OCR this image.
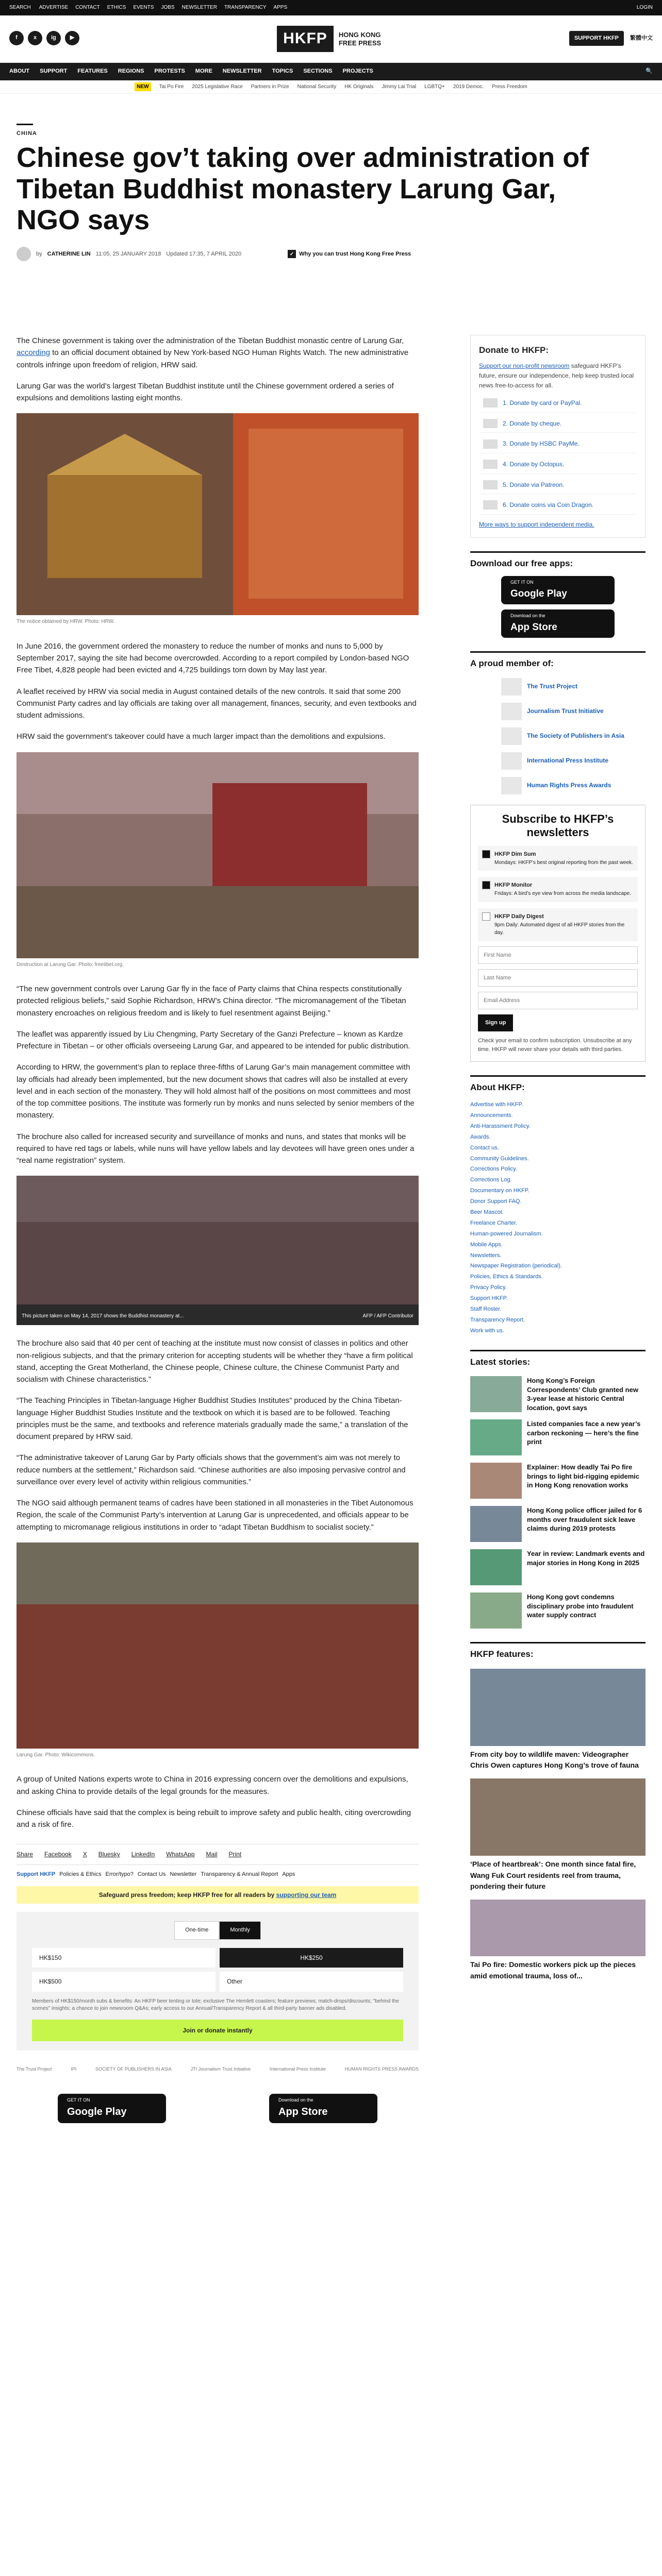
SEARCH ADVERTISE CONTACT ETHICS EVENTS JOBS NEWSLETTER TRANSPARENCY APPS	LOGIN
f	x	ig	▶	HKFP	HONG KONG FREE PRESS
SUPPORT HKFP	繁體中文
ABOUT SUPPORT FEATURES REGIONS PROTESTS MORE NEWSLETTER TOPICS SECTIONS PROJECTS	🔍
NEW	Tai Po Fire 2025 Legislative Race Partners in Prize National Security HK Originals Jimmy Lai Trial LGBTQ+ 2019 Democ. Press Freedom
CHINA
Chinese gov’t taking over administration of Tibetan Buddhist monastery Larung Gar, NGO says
by CATHERINE LIN 11:05, 25 JANUARY 2018 Updated 17:35, 7 APRIL 2020	✓ Why you can trust Hong Kong Free Press

The Chinese government is taking over the administration of the Tibetan Buddhist monastic centre of Larung Gar, according to an official document obtained by New York-based NGO Human Rights Watch. The new administrative controls infringe upon freedom of religion, HRW said.

Larung Gar was the world’s largest Tibetan Buddhist institute until the Chinese government ordered a series of expulsions and demolitions lasting eight months.

The notice obtained by HRW. Photo: HRW.

In June 2016, the government ordered the monastery to reduce the number of monks and nuns to 5,000 by September 2017, saying the site had become overcrowded. According to a report compiled by London-based NGO Free Tibet, 4,828 people had been evicted and 4,725 buildings torn down by May last year.

A leaflet received by HRW via social media in August contained details of the new controls. It said that some 200 Communist Party cadres and lay officials are taking over all management, finances, security, and even textbooks and student admissions.

HRW said the government’s takeover could have a much larger impact than the demolitions and expulsions.

Destruction at Larung Gar. Photo: freetibet.org.

“The new government controls over Larung Gar fly in the face of Party claims that China respects constitutionally protected religious beliefs,” said Sophie Richardson, HRW’s China director. “The micromanagement of the Tibetan monastery encroaches on religious freedom and is likely to fuel resentment against Beijing.”

The leaflet was apparently issued by Liu Chengming, Party Secretary of the Ganzi Prefecture – known as Kardze Prefecture in Tibetan – or other officials overseeing Larung Gar, and appeared to be intended for public distribution.

According to HRW, the government’s plan to replace three-fifths of Larung Gar’s main management committee with lay officials had already been implemented, but the new document shows that cadres will also be installed at every level and in each section of the monastery. They will hold almost half of the positions on most committees and most of the top committee positions. The institute was formerly run by monks and nuns selected by senior members of the monastery.

The brochure also called for increased security and surveillance of monks and nuns, and states that monks will be required to have red tags or labels, while nuns will have yellow labels and lay devotees will have green ones under a “real name registration” system.

This picture taken on May 14, 2017 shows the Buddhist monastery at...	AFP / AFP Contributor

The brochure also said that 40 per cent of teaching at the institute must now consist of classes in politics and other non-religious subjects, and that the primary criterion for accepting students will be whether they “have a firm political stand, accepting the Great Motherland, the Chinese people, Chinese culture, the Chinese Communist Party and socialism with Chinese characteristics.”

“The Teaching Principles in Tibetan-language Higher Buddhist Studies Institutes” produced by the China Tibetan-language Higher Buddhist Studies Institute and the textbook on which it is based are to be followed. Teaching principles must be the same, and textbooks and reference materials gradually made the same,” a translation of the document prepared by HRW said.

“The administrative takeover of Larung Gar by Party officials shows that the government’s aim was not merely to reduce numbers at the settlement,” Richardson said. “Chinese authorities are also imposing pervasive control and surveillance over every level of activity within religious communities.”

The NGO said although permanent teams of cadres have been stationed in all monasteries in the Tibet Autonomous Region, the scale of the Communist Party’s intervention at Larung Gar is unprecedented, and officials appear to be attempting to micromanage religious institutions in order to “adapt Tibetan Buddhism to socialist society.”

Larung Gar. Photo: Wikicommons.

A group of United Nations experts wrote to China in 2016 expressing concern over the demolitions and expulsions, and asking China to provide details of the legal grounds for the measures.

Chinese officials have said that the complex is being rebuilt to improve safety and public health, citing overcrowding and a risk of fire.

Share Facebook X Bluesky LinkedIn WhatsApp Mail Print
Support HKFP Policies & Ethics Error/typo? Contact Us Newsletter Transparency & Annual Report Apps
Safeguard press freedom; keep HKFP free for all readers by supporting our team
One-time	Monthly
HK$150	HK$250
HK$500	Other
Members of HK$150/month subs & benefits: An HKFP beer tenting or tote; exclusive The Hemlett coasters; feature previews; match-drops/discounts; "behind the scenes" insights; a chance to join newsroom Q&As; early access to our Annual/Transparency Report & all third-party banner ads disabled.
Join or donate instantly
The Trust Project	IPI	SOCIETY OF PUBLISHERS IN ASIA	JTI Journalism Trust Initiative	International Press Institute	HUMAN RIGHTS PRESS AWARDS
GET IT ON
Google Play
Download on the
App Store
Donate to HKFP:

Support our non-profit newsroom safeguard HKFP’s future, ensure our independence, help keep trusted local news free-to-access for all.

1. Donate by card or PayPal.
2. Donate by cheque.
3. Donate by HSBC PayMe.
4. Donate by Octopus.
5. Donate via Patreon.
6. Donate coins via Coin Dragon.
More ways to support independent media.
Download our free apps:
GET IT ON
Google Play
Download on the
App Store
A proud member of:
The Trust Project
Journalism Trust Initiative
The Society of Publishers in Asia
International Press Institute
Human Rights Press Awards
Subscribe to HKFP’s newsletters
HKFP Dim Sum
Mondays: HKFP’s best original reporting from the past week.
HKFP Monitor
Fridays: A bird’s eye view from across the media landscape.
HKFP Daily Digest
9pm Daily: Automated digest of all HKFP stories from the day.
First Name
Last Name
Email Address Sign up
Check your email to confirm subscription. Unsubscribe at any time. HKFP will never share your details with third parties.
About HKFP:
Advertise with HKFP.
Announcements.
Anti-Harassment Policy.
Awards.
Contact us.
Community Guidelines.
Corrections Policy.
Corrections Log.
Documentary on HKFP.
Donor Support FAQ.
Beer Mascot.
Freelance Charter.
Human-powered Journalism.
Mobile Apps.
Newsletters.
Newspaper Registration (periodical).
Policies, Ethics & Standards.
Privacy Policy.
Support HKFP.
Staff Roster.
Transparency Report.
Work with us.
Latest stories:
Hong Kong’s Foreign Correspondents’ Club granted new 3-year lease at historic Central location, govt says
Listed companies face a new year’s carbon reckoning — here’s the fine print
Explainer: How deadly Tai Po fire brings to light bid-rigging epidemic in Hong Kong renovation works
Hong Kong police officer jailed for 6 months over fraudulent sick leave claims during 2019 protests
Year in review: Landmark events and major stories in Hong Kong in 2025
Hong Kong govt condemns disciplinary probe into fraudulent water supply contract
HKFP features:
From city boy to wildlife maven: Videographer Chris Owen captures Hong Kong’s trove of fauna
‘Place of heartbreak’: One month since fatal fire, Wang Fuk Court residents reel from trauma, pondering their future
Tai Po fire: Domestic workers pick up the pieces amid emotional trauma, loss of...
